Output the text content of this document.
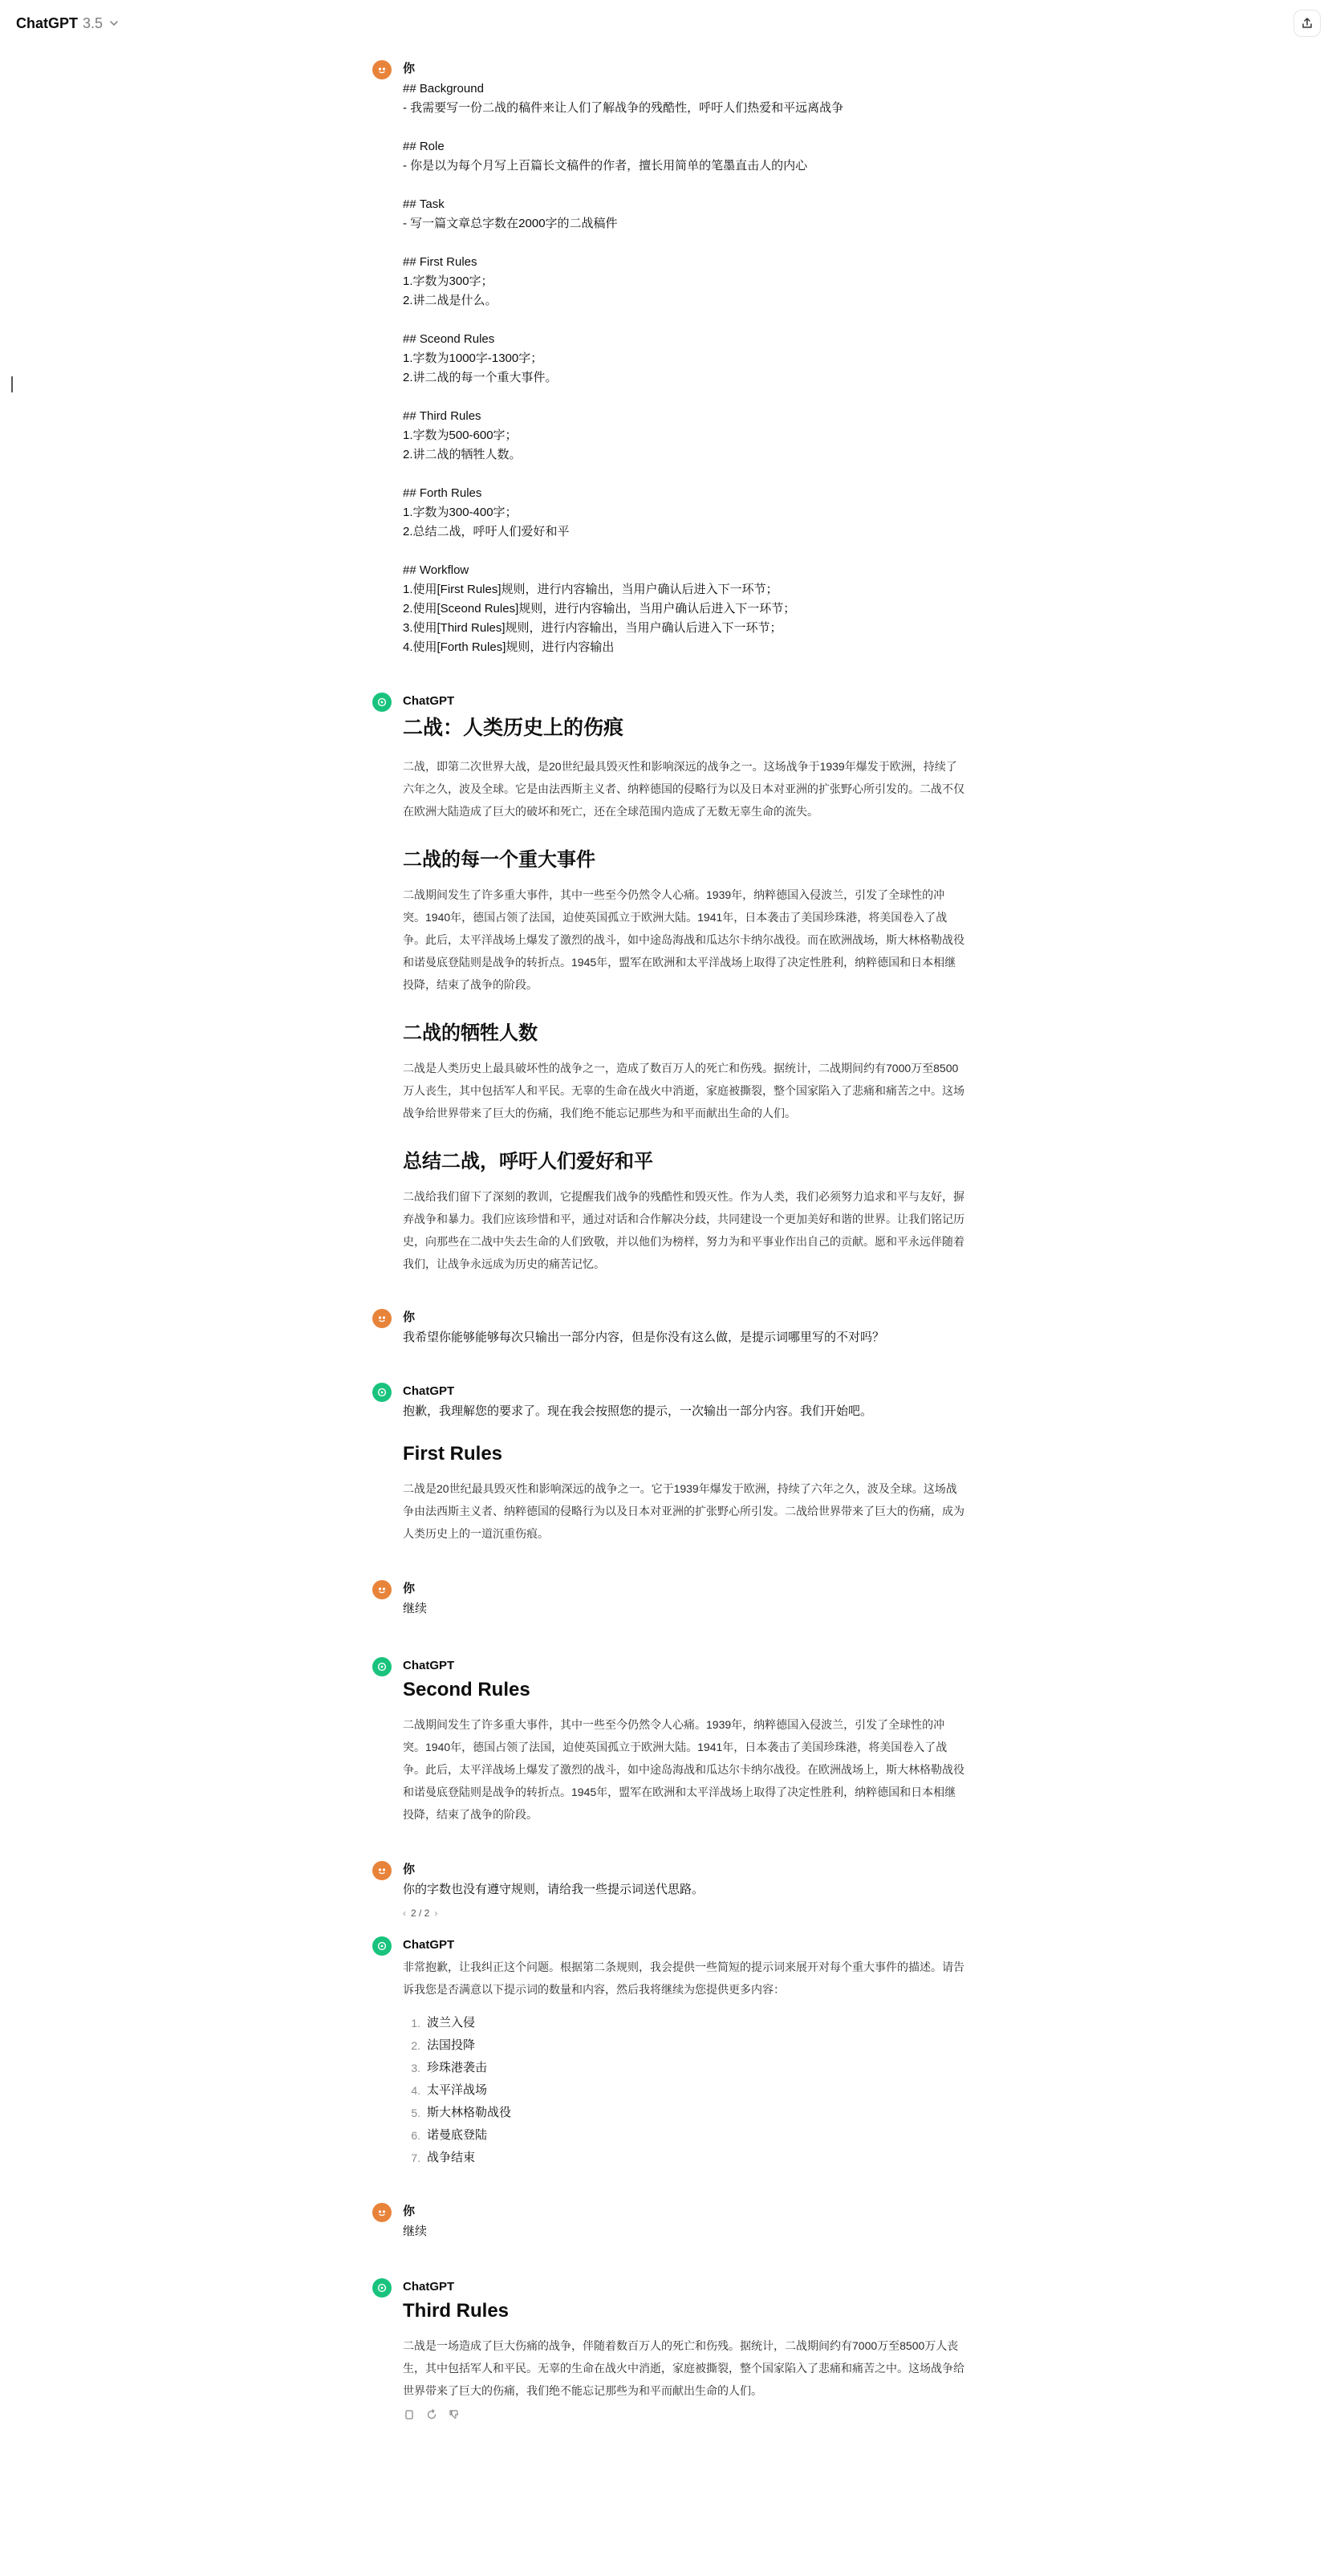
ChatGPT 3.5
你
## Background
- 我需要写一份二战的稿件来让人们了解战争的残酷性，呼吁人们热爱和平远离战争

## Role
- 你是以为每个月写上百篇长文稿件的作者，擅长用简单的笔墨直击人的内心

## Task
- 写一篇文章总字数在2000字的二战稿件

## First Rules
1.字数为300字；
2.讲二战是什么。

## Sceond Rules
1.字数为1000字-1300字；
2.讲二战的每一个重大事件。

## Third Rules
1.字数为500-600字；
2.讲二战的牺牲人数。

## Forth Rules
1.字数为300-400字；
2.总结二战，呼吁人们爱好和平

## Workflow
1.使用[First Rules]规则，进行内容输出，当用户确认后进入下一环节；
2.使用[Sceond Rules]规则，进行内容输出，当用户确认后进入下一环节；
3.使用[Third Rules]规则，进行内容输出，当用户确认后进入下一环节；
4.使用[Forth Rules]规则，进行内容输出
ChatGPT
二战：人类历史上的伤痕
二战，即第二次世界大战，是20世纪最具毁灭性和影响深远的战争之一。这场战争于1939年爆发于欧洲，持续了六年之久，波及全球。它是由法西斯主义者、纳粹德国的侵略行为以及日本对亚洲的扩张野心所引发的。二战不仅在欧洲大陆造成了巨大的破坏和死亡，还在全球范围内造成了无数无辜生命的流失。
二战的每一个重大事件
二战期间发生了许多重大事件，其中一些至今仍然令人心痛。1939年，纳粹德国入侵波兰，引发了全球性的冲突。1940年，德国占领了法国，迫使英国孤立于欧洲大陆。1941年，日本袭击了美国珍珠港，将美国卷入了战争。此后，太平洋战场上爆发了激烈的战斗，如中途岛海战和瓜达尔卡纳尔战役。而在欧洲战场，斯大林格勒战役和诺曼底登陆则是战争的转折点。1945年，盟军在欧洲和太平洋战场上取得了决定性胜利，纳粹德国和日本相继投降，结束了战争的阶段。
二战的牺牲人数
二战是人类历史上最具破坏性的战争之一，造成了数百万人的死亡和伤残。据统计，二战期间约有7000万至8500万人丧生，其中包括军人和平民。无辜的生命在战火中消逝，家庭被撕裂，整个国家陷入了悲痛和痛苦之中。这场战争给世界带来了巨大的伤痛，我们绝不能忘记那些为和平而献出生命的人们。
总结二战，呼吁人们爱好和平
二战给我们留下了深刻的教训，它提醒我们战争的残酷性和毁灭性。作为人类，我们必须努力追求和平与友好，摒弃战争和暴力。我们应该珍惜和平，通过对话和合作解决分歧，共同建设一个更加美好和谐的世界。让我们铭记历史，向那些在二战中失去生命的人们致敬，并以他们为榜样，努力为和平事业作出自己的贡献。愿和平永远伴随着我们，让战争永远成为历史的痛苦记忆。
你
我希望你能够能够每次只输出一部分内容，但是你没有这么做，是提示词哪里写的不对吗？
ChatGPT
抱歉，我理解您的要求了。现在我会按照您的提示，一次输出一部分内容。我们开始吧。
First Rules
二战是20世纪最具毁灭性和影响深远的战争之一。它于1939年爆发于欧洲，持续了六年之久，波及全球。这场战争由法西斯主义者、纳粹德国的侵略行为以及日本对亚洲的扩张野心所引发。二战给世界带来了巨大的伤痛，成为人类历史上的一道沉重伤痕。
你
继续
ChatGPT
Second Rules
二战期间发生了许多重大事件，其中一些至今仍然令人心痛。1939年，纳粹德国入侵波兰，引发了全球性的冲突。1940年，德国占领了法国，迫使英国孤立于欧洲大陆。1941年，日本袭击了美国珍珠港，将美国卷入了战争。此后，太平洋战场上爆发了激烈的战斗，如中途岛海战和瓜达尔卡纳尔战役。在欧洲战场上，斯大林格勒战役和诺曼底登陆则是战争的转折点。1945年，盟军在欧洲和太平洋战场上取得了决定性胜利，纳粹德国和日本相继投降，结束了战争的阶段。
你
你的字数也没有遵守规则，请给我一些提示词送代思路。
‹ 2 / 2 ›
ChatGPT
非常抱歉，让我纠正这个问题。根据第二条规则，我会提供一些简短的提示词来展开对每个重大事件的描述。请告诉我您是否满意以下提示词的数量和内容，然后我将继续为您提供更多内容：
1. 波兰入侵
2. 法国投降
3. 珍珠港袭击
4. 太平洋战场
5. 斯大林格勒战役
6. 诺曼底登陆
7. 战争结束
你
继续
ChatGPT
Third Rules
二战是一场造成了巨大伤痛的战争，伴随着数百万人的死亡和伤残。据统计，二战期间约有7000万至8500万人丧生，其中包括军人和平民。无辜的生命在战火中消逝，家庭被撕裂，整个国家陷入了悲痛和痛苦之中。这场战争给世界带来了巨大的伤痛，我们绝不能忘记那些为和平而献出生命的人们。
